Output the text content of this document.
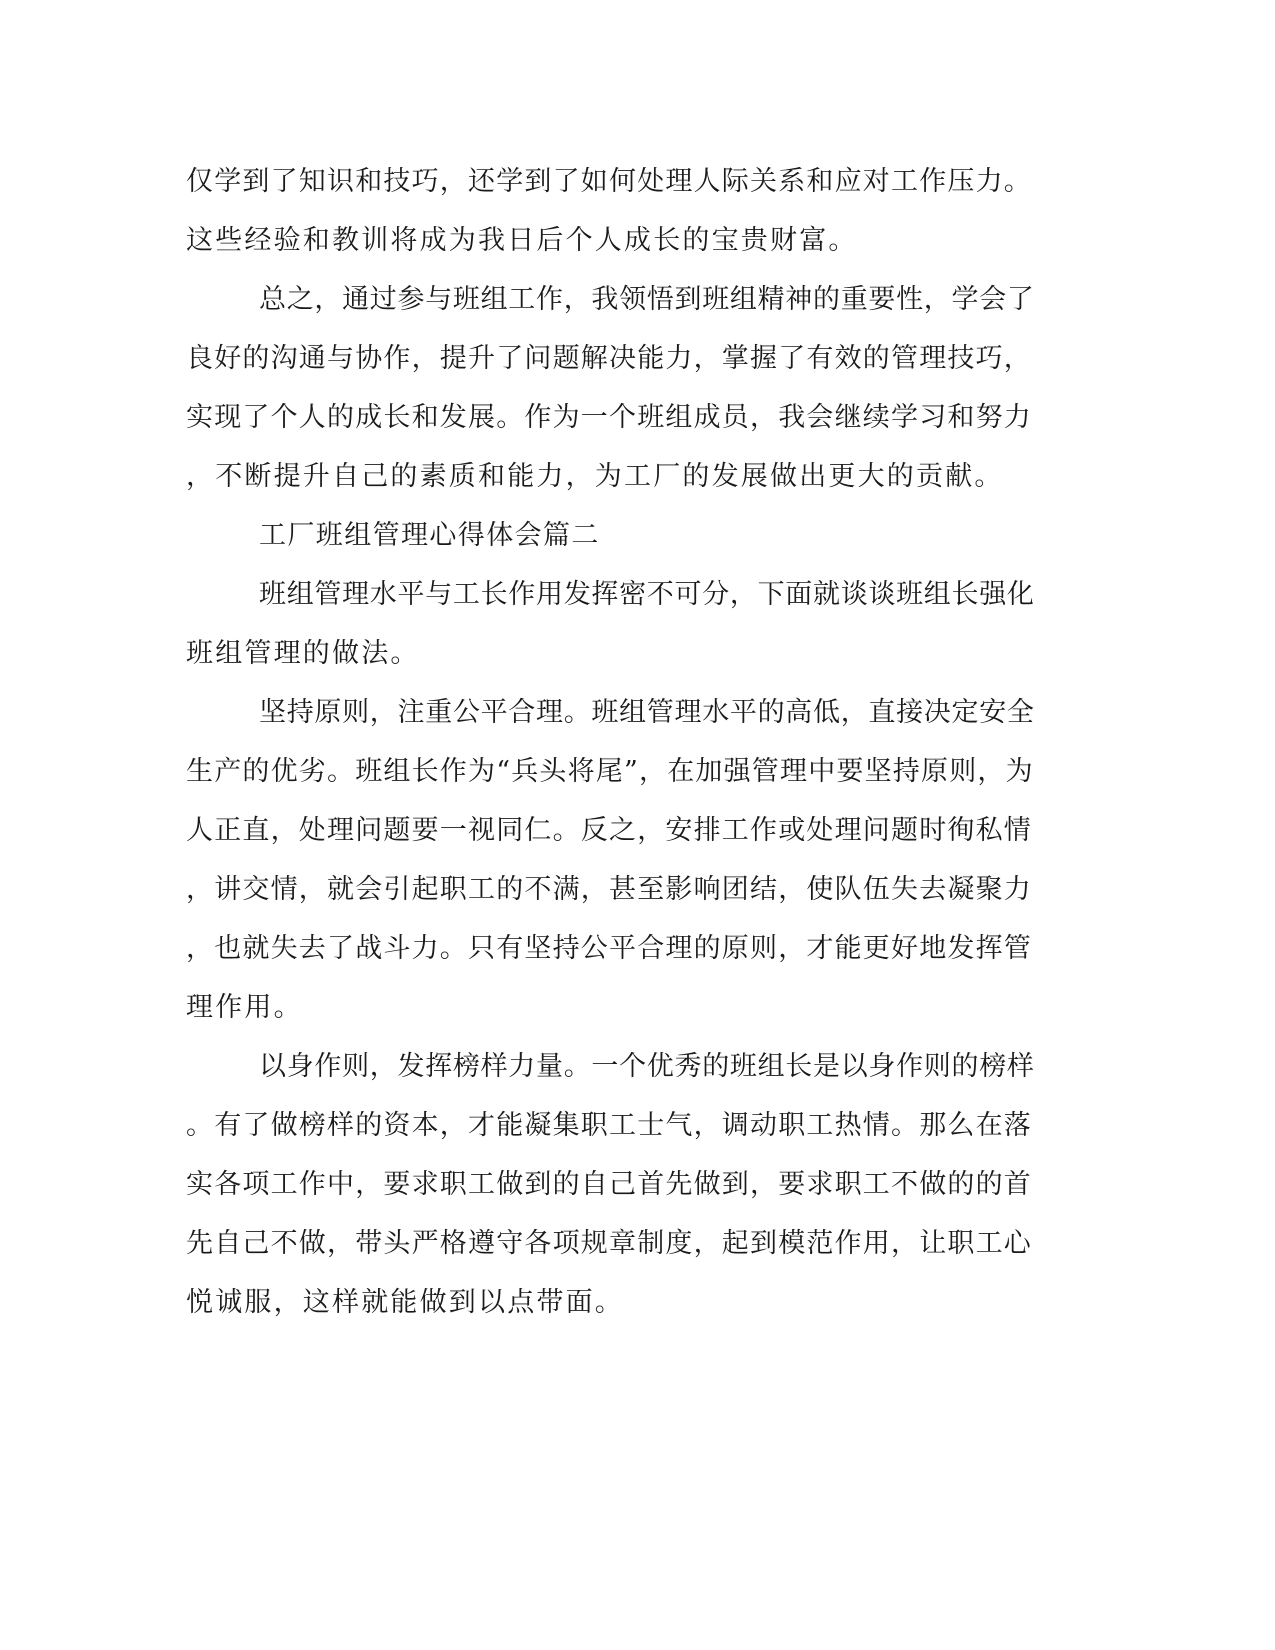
仅学到了知识和技巧，还学到了如何处理人际关系和应对工作压力。
这些经验和教训将成为我日后个人成长的宝贵财富。
总之，通过参与班组工作，我领悟到班组精神的重要性，学会了
良好的沟通与协作，提升了问题解决能力，掌握了有效的管理技巧，
实现了个人的成长和发展。作为一个班组成员，我会继续学习和努力
，不断提升自己的素质和能力，为工厂的发展做出更大的贡献。
工厂班组管理心得体会篇二
班组管理水平与工长作用发挥密不可分，下面就谈谈班组长强化
班组管理的做法。
坚持原则，注重公平合理。班组管理水平的高低，直接决定安全
生产的优劣。班组长作为“兵头将尾”，在加强管理中要坚持原则，为
人正直，处理问题要一视同仁。反之，安排工作或处理问题时徇私情
，讲交情，就会引起职工的不满，甚至影响团结，使队伍失去凝聚力
，也就失去了战斗力。只有坚持公平合理的原则，才能更好地发挥管
理作用。
以身作则，发挥榜样力量。一个优秀的班组长是以身作则的榜样
。有了做榜样的资本，才能凝集职工士气，调动职工热情。那么在落
实各项工作中，要求职工做到的自己首先做到，要求职工不做的的首
先自己不做，带头严格遵守各项规章制度，起到模范作用，让职工心
悦诚服，这样就能做到以点带面。
